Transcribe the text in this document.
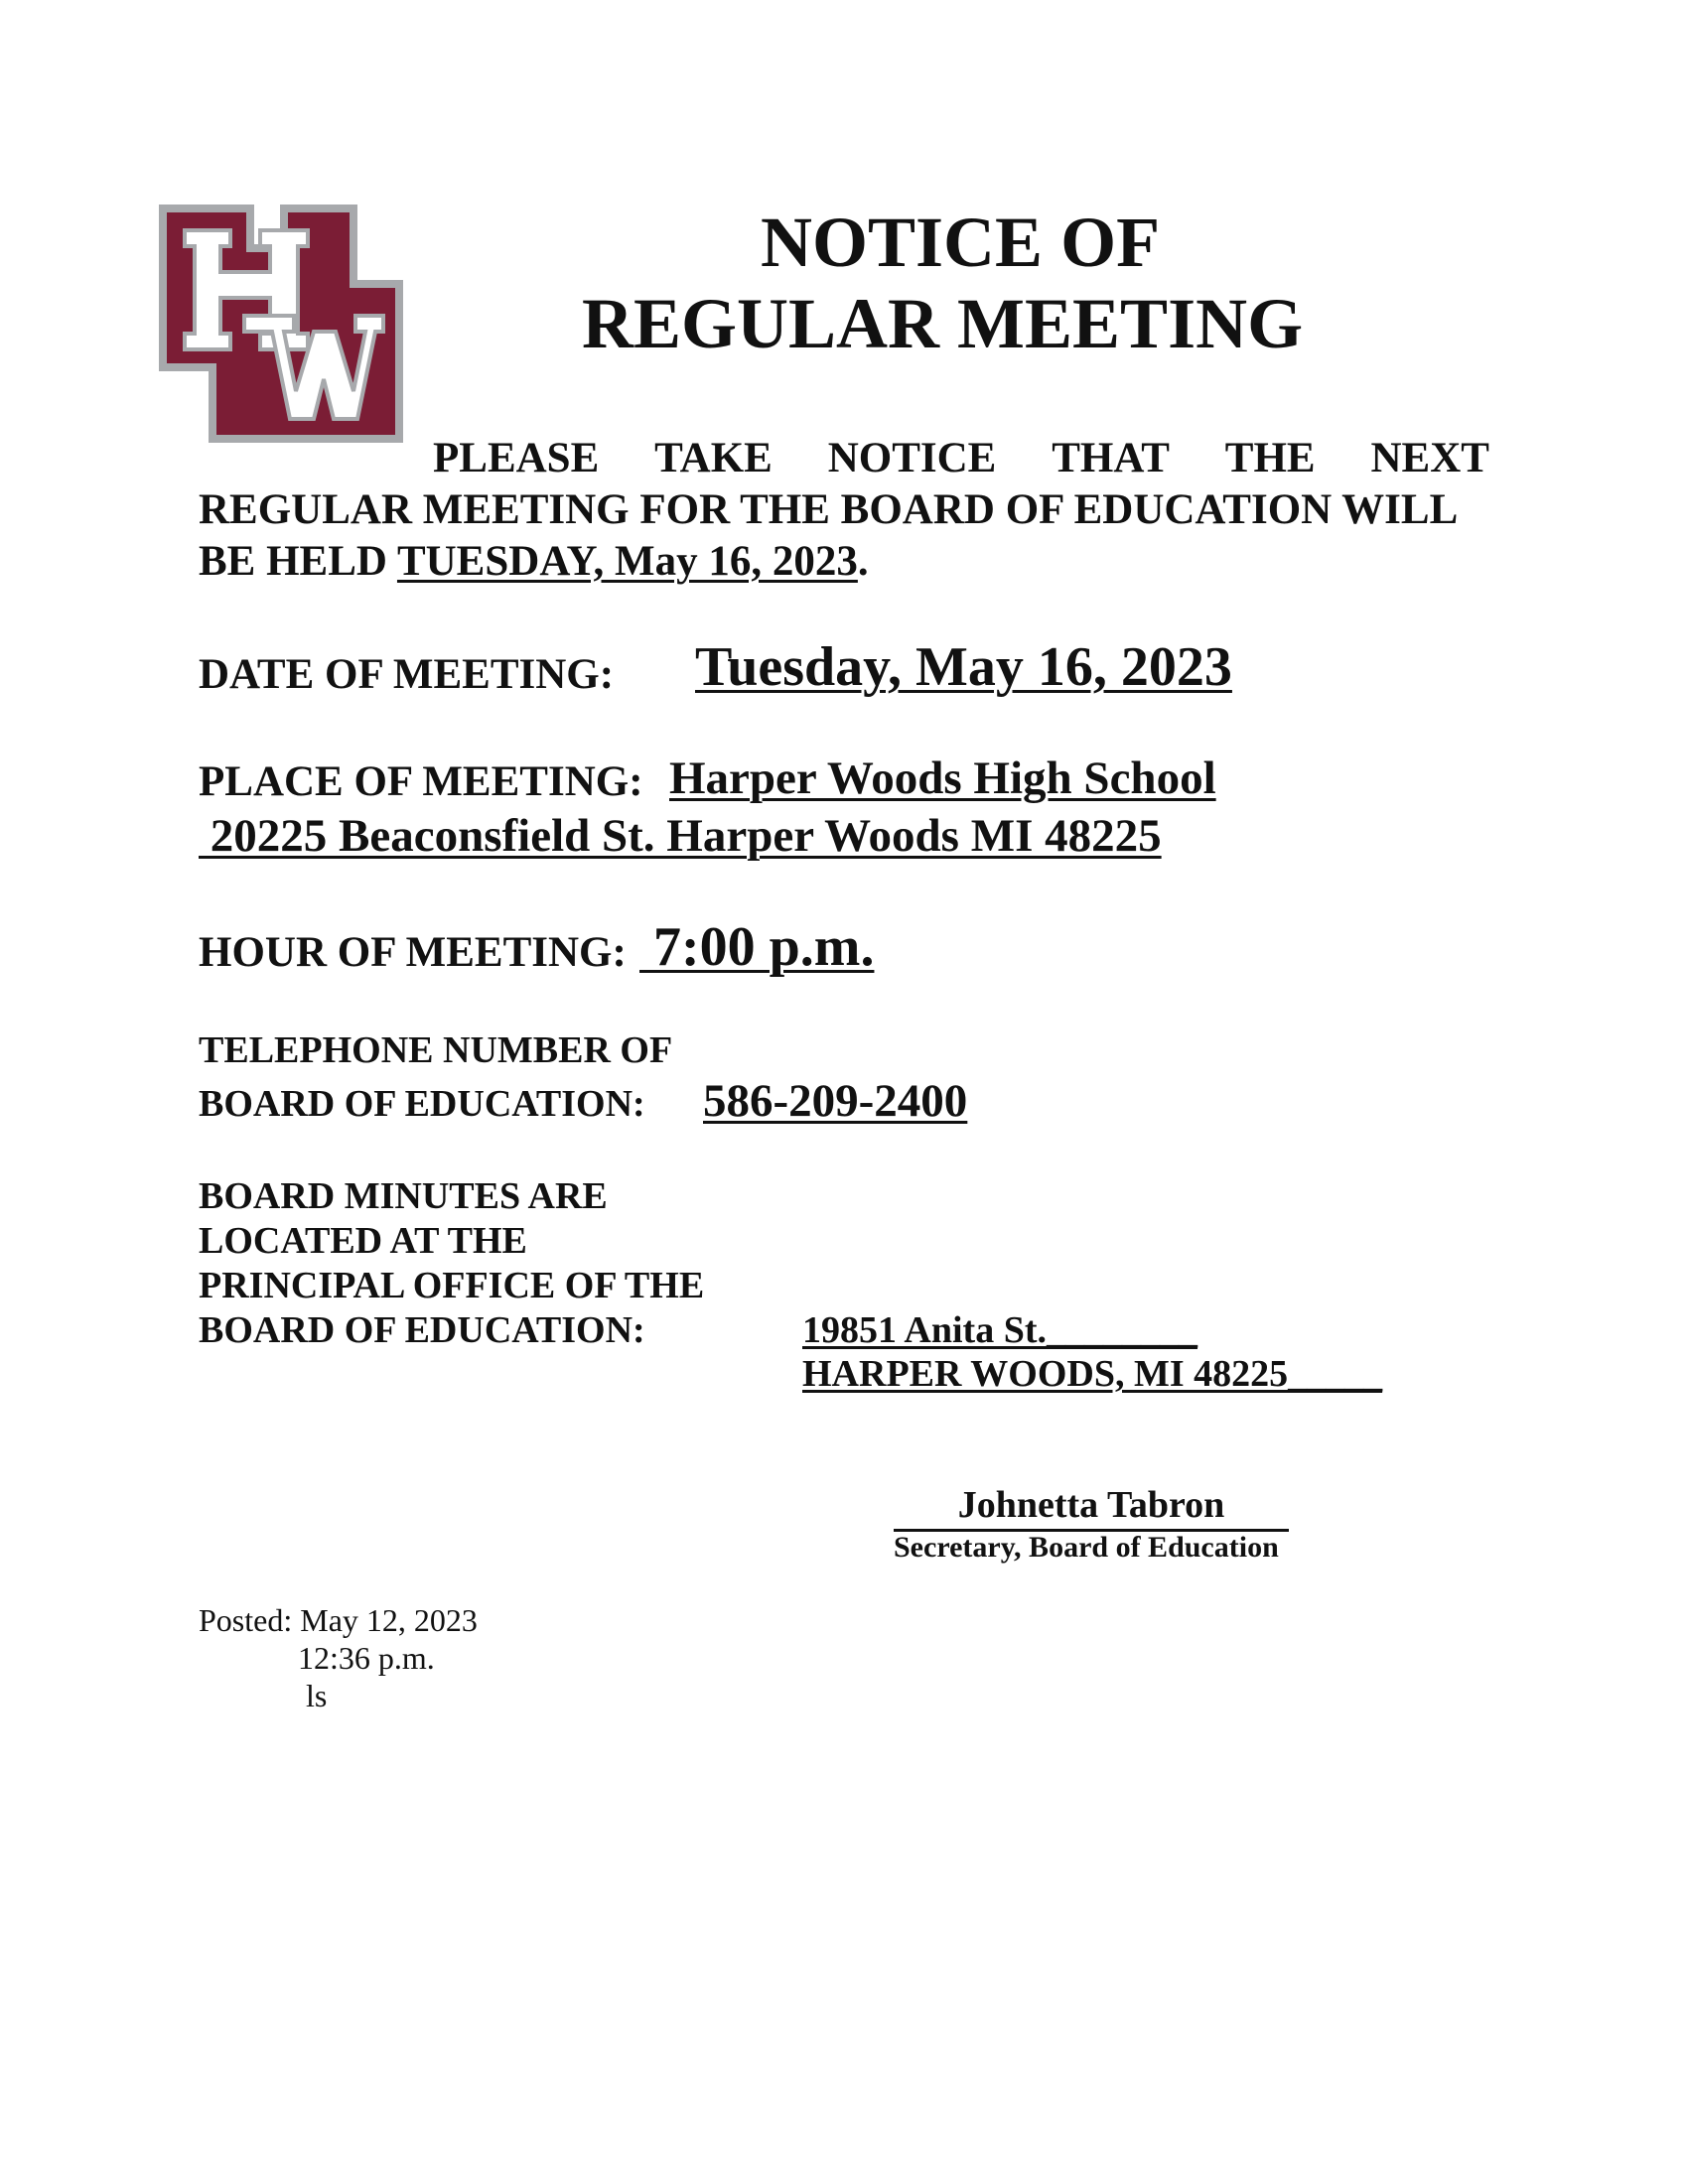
NOTICE OF
REGULAR MEETING
PLEASE TAKE NOTICE THAT THE NEXT
REGULAR MEETING FOR THE BOARD OF EDUCATION WILL
BE HELD TUESDAY, May 16, 2023.
DATE OF MEETING: Tuesday, May 16, 2023
PLACE OF MEETING: Harper Woods High School
20225 Beaconsfield St. Harper Woods MI 48225
HOUR OF MEETING: 7:00 p.m.
TELEPHONE NUMBER OF
BOARD OF EDUCATION: 586-209-2400
BOARD MINUTES ARE
LOCATED AT THE
PRINCIPAL OFFICE OF THE
BOARD OF EDUCATION:	19851 Anita St.________
HARPER WOODS, MI 48225_____
Johnetta Tabron
Secretary, Board of Education
Posted: May 12, 2023
12:36 p.m.
ls
